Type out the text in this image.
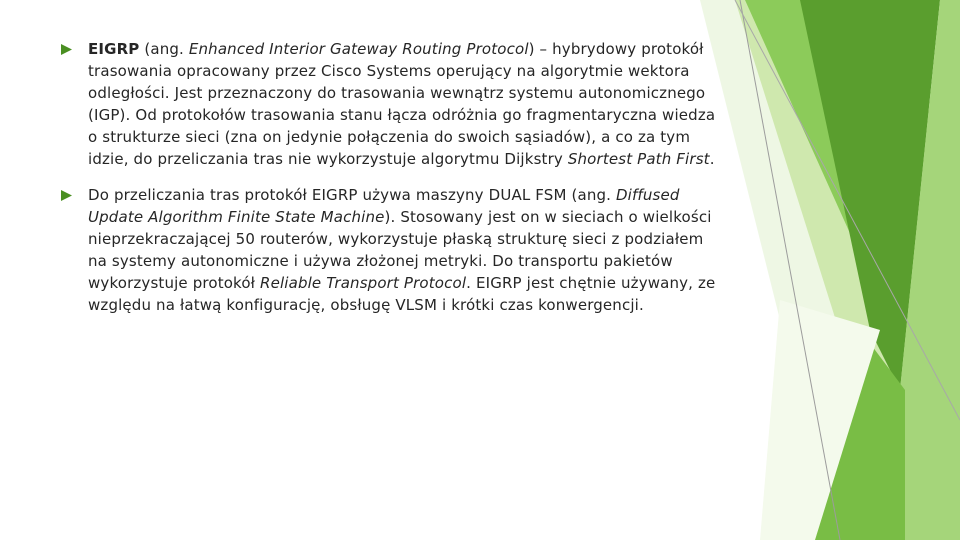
EIGRP (ang. Enhanced Interior Gateway Routing Protocol) – hybrydowy protokół trasowania opracowany przez Cisco Systems operujący na algorytmie wektora odległości. Jest przeznaczony do trasowania wewnątrz systemu autonomicznego (IGP). Od protokołów trasowania stanu łącza odróżnia go fragmentaryczna wiedza o strukturze sieci (zna on jedynie połączenia do swoich sąsiadów), a co za tym idzie, do przeliczania tras nie wykorzystuje algorytmu Dijkstry Shortest Path First.
Do przeliczania tras protokół EIGRP używa maszyny DUAL FSM (ang. Diffused Update Algorithm Finite State Machine). Stosowany jest on w sieciach o wielkości nieprzekraczającej 50 routerów, wykorzystuje płaską strukturę sieci z podziałem na systemy autonomiczne i używa złożonej metryki. Do transportu pakietów wykorzystuje protokół Reliable Transport Protocol. EIGRP jest chętnie używany, ze względu na łatwą konfigurację, obsługę VLSM i krótki czas konwergencji.
